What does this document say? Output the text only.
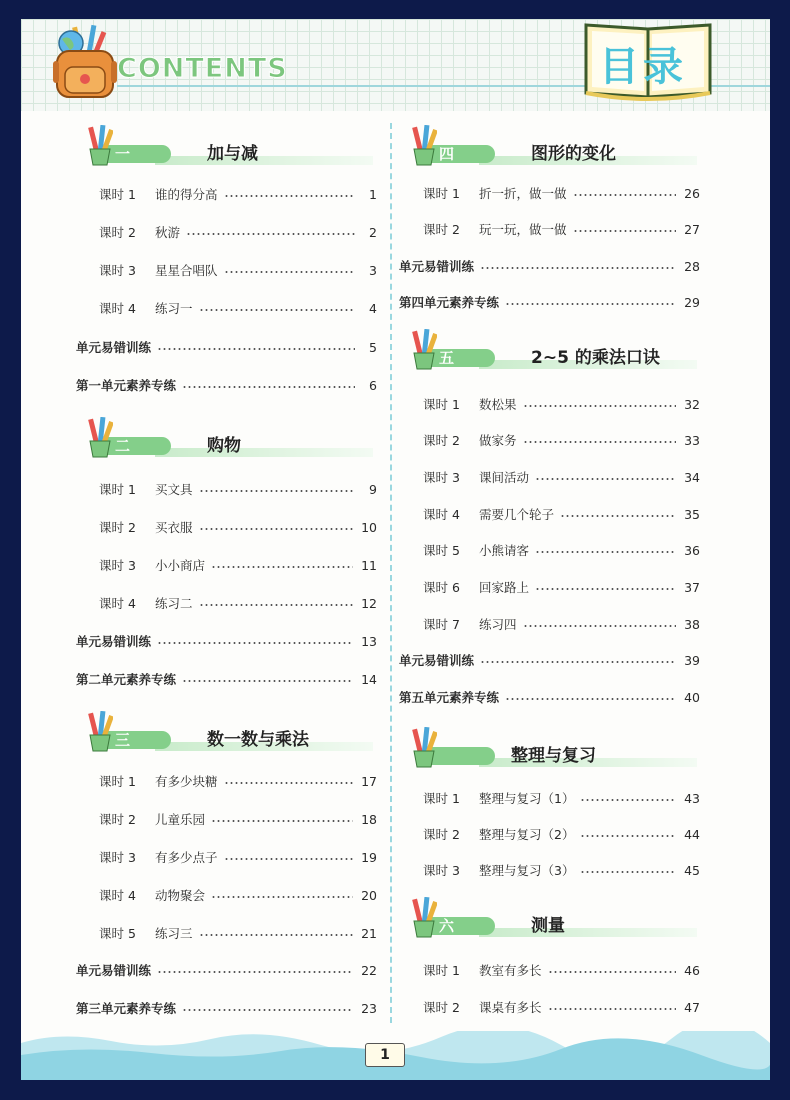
CONTENTS	目录
一	加与减
课时 1	谁的得分高	1
课时 2	秋游	2
课时 3	星星合唱队	3
课时 4	练习一	4
单元易错训练	5
第一单元素养专练	6
二	购物
课时 1	买文具	9
课时 2	买衣服	10
课时 3	小小商店	11
课时 4	练习二	12
单元易错训练	13
第二单元素养专练	14
三	数一数与乘法
课时 1	有多少块糖	17
课时 2	儿童乐园	18
课时 3	有多少点子	19
课时 4	动物聚会	20
课时 5	练习三	21
单元易错训练	22
第三单元素养专练	23
四	图形的变化
课时 1	折一折，做一做	26
课时 2	玩一玩，做一做	27
单元易错训练	28
第四单元素养专练	29
五	2~5 的乘法口诀
课时 1	数松果	32
课时 2	做家务	33
课时 3	课间活动	34
课时 4	需要几个轮子	35
课时 5	小熊请客	36
课时 6	回家路上	37
课时 7	练习四	38
单元易错训练	39
第五单元素养专练	40
整理与复习
课时 1	整理与复习（1）	43
课时 2	整理与复习（2）	44
课时 3	整理与复习（3）	45
六	测量
课时 1	教室有多长	46
课时 2	课桌有多长	47
1
